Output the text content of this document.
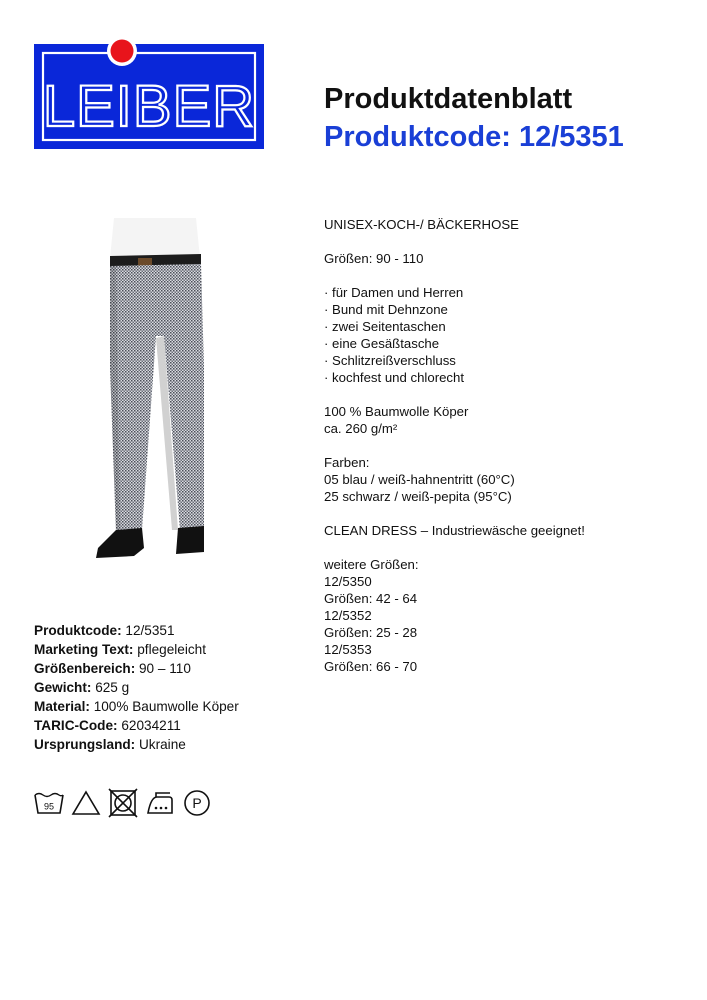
LEIBER Produktdatenblatt
Produktcode: 12/5351
UNISEX-KOCH-/ BÄCKERHOSE
Größen: 90 - 110
· für Damen und Herren
· Bund mit Dehnzone
· zwei Seitentaschen
· eine Gesäßtasche
· Schlitzreißverschluss
· kochfest und chlorecht
100 % Baumwolle Köper
ca. 260 g/m²
Farben:
05 blau / weiß-hahnentritt (60°C)
25 schwarz / weiß-pepita (95°C)
CLEAN DRESS – Industriewäsche geeignet!
weitere Größen:
12/5350
Größen: 42 - 64
12/5352
Größen: 25 - 28
12/5353
Größen: 66 - 70
Produktcode: 12/5351
Marketing Text: pflegeleicht
Größenbereich: 90 – 110
Gewicht: 625 g
Material: 100% Baumwolle Köper
TARIC-Code: 62034211
Ursprungsland: Ukraine
95	P
